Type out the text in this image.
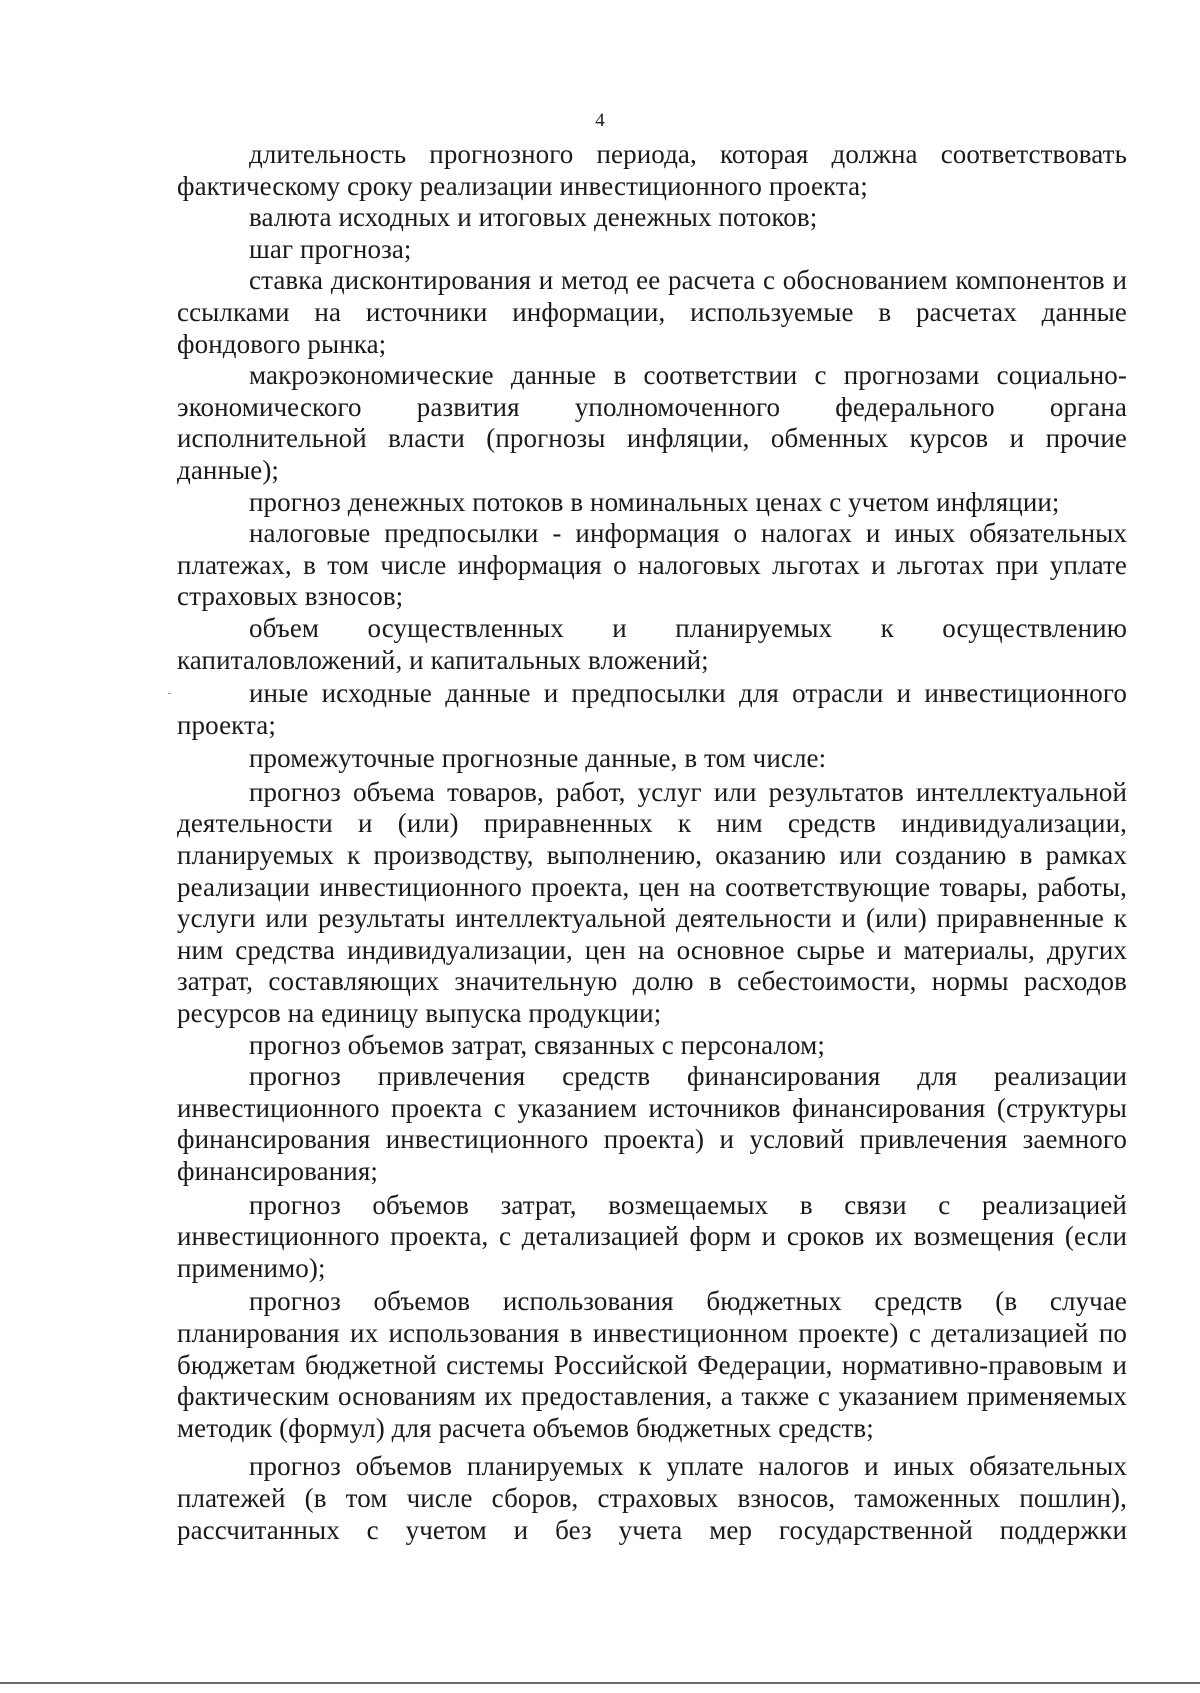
4

длительность прогнозного периода, которая должна соответствовать фактическому сроку реализации инвестиционного проекта;

валюта исходных и итоговых денежных потоков;

шаг прогноза;

ставка дисконтирования и метод ее расчета с обоснованием компонентов и ссылками на источники информации, используемые в расчетах данные фондового рынка;

макроэкономические данные в соответствии с прогнозами социально-экономического развития уполномоченного федерального органа исполнительной власти (прогнозы инфляции, обменных курсов и прочие данные);

прогноз денежных потоков в номинальных ценах с учетом инфляции;

налоговые предпосылки - информация о налогах и иных обязательных платежах, в том числе информация о налоговых льготах и льготах при уплате страховых взносов;

объем осуществленных и планируемых к осуществлению капиталовложений, и капитальных вложений;

иные исходные данные и предпосылки для отрасли и инвестиционного проекта;

промежуточные прогнозные данные, в том числе:

прогноз объема товаров, работ, услуг или результатов интеллектуальной деятельности и (или) приравненных к ним средств индивидуализации, планируемых к производству, выполнению, оказанию или созданию в рамках реализации инвестиционного проекта, цен на соответствующие товары, работы, услуги или результаты интеллектуальной деятельности и (или) приравненные к ним средства индивидуализации, цен на основное сырье и материалы, других затрат, составляющих значительную долю в себестоимости, нормы расходов ресурсов на единицу выпуска продукции;

прогноз объемов затрат, связанных с персоналом;

прогноз привлечения средств финансирования для реализации инвестиционного проекта с указанием источников финансирования (структуры финансирования инвестиционного проекта) и условий привлечения заемного финансирования;

прогноз объемов затрат, возмещаемых в связи с реализацией инвестиционного проекта, с детализацией форм и сроков их возмещения (если применимо);

прогноз объемов использования бюджетных средств (в случае планирования их использования в инвестиционном проекте) с детализацией по бюджетам бюджетной системы Российской Федерации, нормативно-правовым и фактическим основаниям их предоставления, а также с указанием применяемых методик (формул) для расчета объемов бюджетных средств;

прогноз объемов планируемых к уплате налогов и иных обязательных платежей (в том числе сборов, страховых взносов, таможенных пошлин), рассчитанных с учетом и без учета мер государственной поддержки
